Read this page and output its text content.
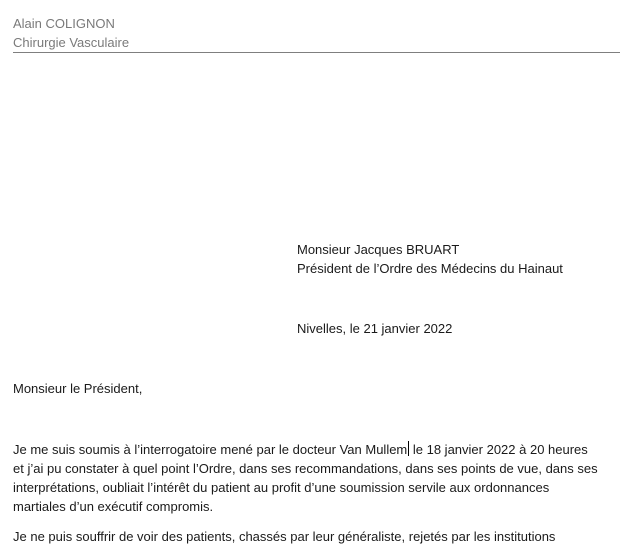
Alain COLIGNON
Chirurgie Vasculaire
Monsieur Jacques BRUART
Président de l’Ordre des Médecins du Hainaut
Nivelles, le 21 janvier 2022
Monsieur le Président,
Je me suis soumis à l’interrogatoire mené par le docteur Van Mullem le 18 janvier 2022 à 20 heures
et j’ai pu constater à quel point l’Ordre, dans ses recommandations, dans ses points de vue, dans ses
interprétations, oubliait l’intérêt du patient au profit d’une soumission servile aux ordonnances
martiales d’un exécutif compromis.
Je ne puis souffrir de voir des patients, chassés par leur généraliste, rejetés par les institutions
